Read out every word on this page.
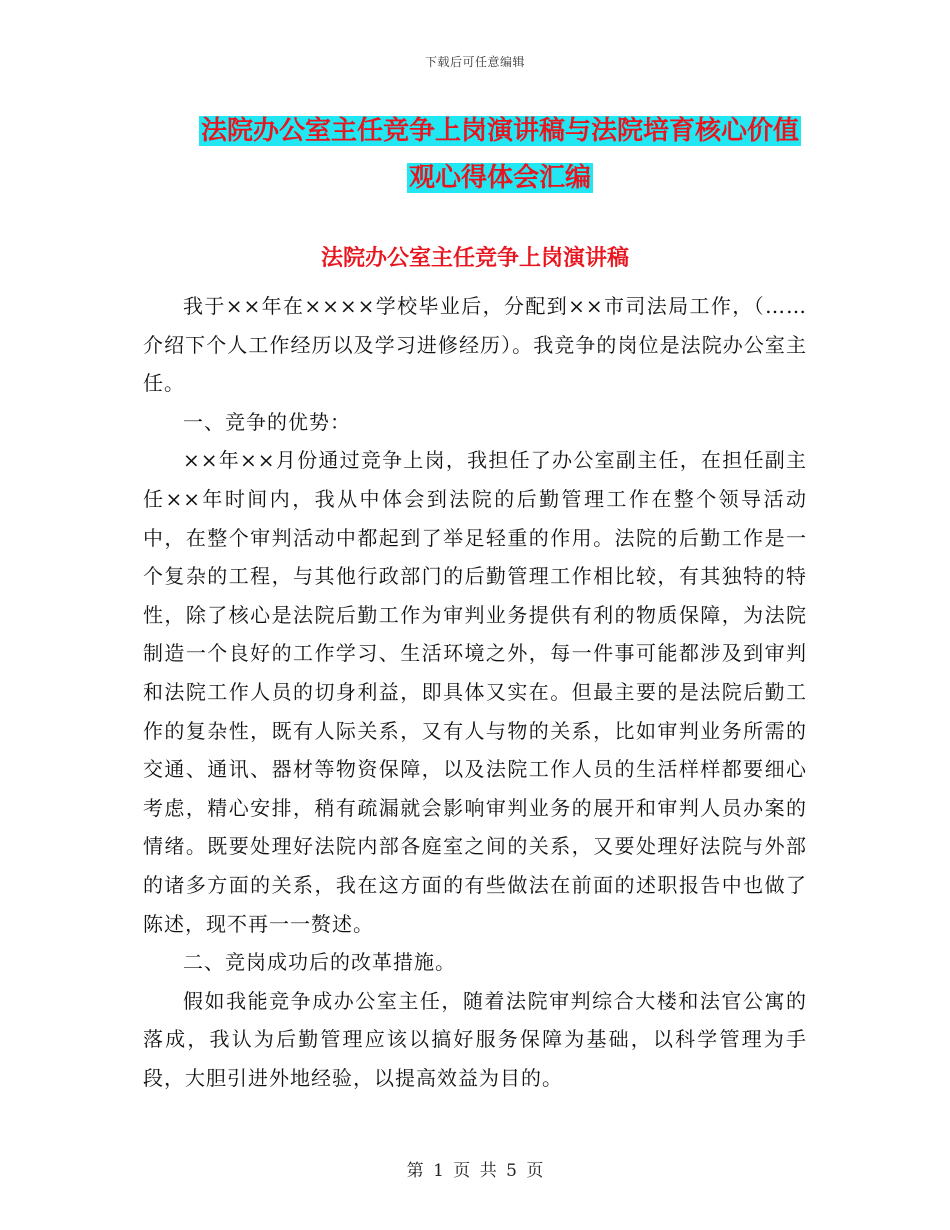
下载后可任意编辑
法院办公室主任竞争上岗演讲稿与法院培育核心价值
观心得体会汇编
法院办公室主任竞争上岗演讲稿

我于××年在××××学校毕业后，分配到××市司法局工作，（……介绍下个人工作经历以及学习进修经历）。我竞争的岗位是法院办公室主任。

一、竞争的优势：

××年××月份通过竞争上岗，我担任了办公室副主任，在担任副主任××年时间内，我从中体会到法院的后勤管理工作在整个领导活动中，在整个审判活动中都起到了举足轻重的作用。法院的后勤工作是一个复杂的工程，与其他行政部门的后勤管理工作相比较，有其独特的特性，除了核心是法院后勤工作为审判业务提供有利的物质保障，为法院制造一个良好的工作学习、生活环境之外，每一件事可能都涉及到审判和法院工作人员的切身利益，即具体又实在。但最主要的是法院后勤工作的复杂性，既有人际关系，又有人与物的关系，比如审判业务所需的交通、通讯、器材等物资保障，以及法院工作人员的生活样样都要细心考虑，精心安排，稍有疏漏就会影响审判业务的展开和审判人员办案的情绪。既要处理好法院内部各庭室之间的关系，又要处理好法院与外部的诸多方面的关系，我在这方面的有些做法在前面的述职报告中也做了陈述，现不再一一赘述。

二、竞岗成功后的改革措施。

假如我能竞争成办公室主任，随着法院审判综合大楼和法官公寓的落成，我认为后勤管理应该以搞好服务保障为基础，以科学管理为手段，大胆引进外地经验，以提高效益为目的。

第 1 页 共 5 页
